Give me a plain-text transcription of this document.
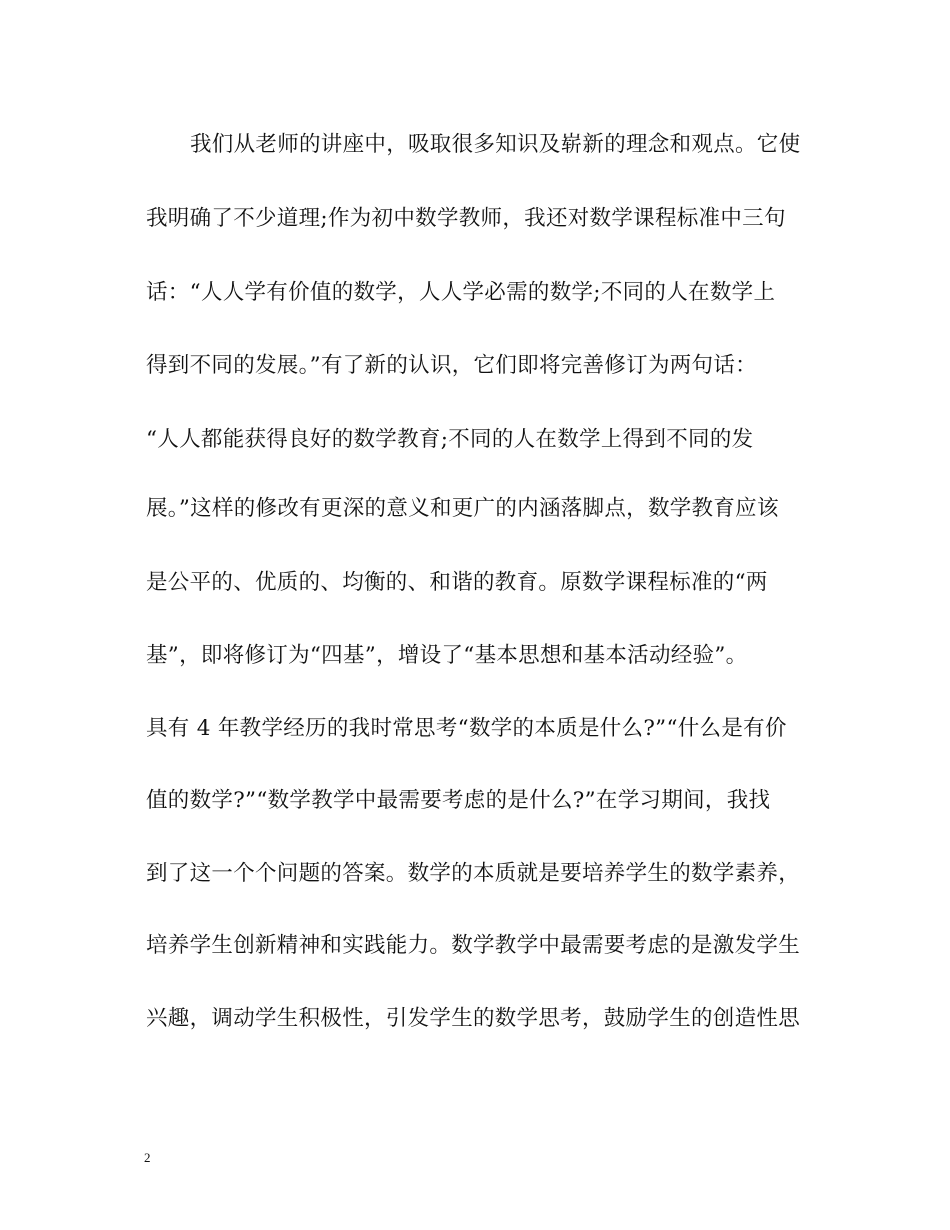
我们从老师的讲座中，吸取很多知识及崭新的理念和观点。它使
我明确了不少道理;作为初中数学教师，我还对数学课程标准中三句
话：“人人学有价值的数学，人人学必需的数学;不同的人在数学上
得到不同的发展。”有了新的认识，它们即将完善修订为两句话：
“人人都能获得良好的数学教育;不同的人在数学上得到不同的发
展。”这样的修改有更深的意义和更广的内涵落脚点，数学教育应该
是公平的、优质的、均衡的、和谐的教育。原数学课程标准的“两
基”，即将修订为“四基”，增设了“基本思想和基本活动经验”。
具有 4 年教学经历的我时常思考“数学的本质是什么?”“什么是有价
值的数学?”“数学教学中最需要考虑的是什么?”在学习期间，我找
到了这一个个问题的答案。数学的本质就是要培养学生的数学素养，
培养学生创新精神和实践能力。数学教学中最需要考虑的是激发学生
兴趣，调动学生积极性，引发学生的数学思考，鼓励学生的创造性思
2
